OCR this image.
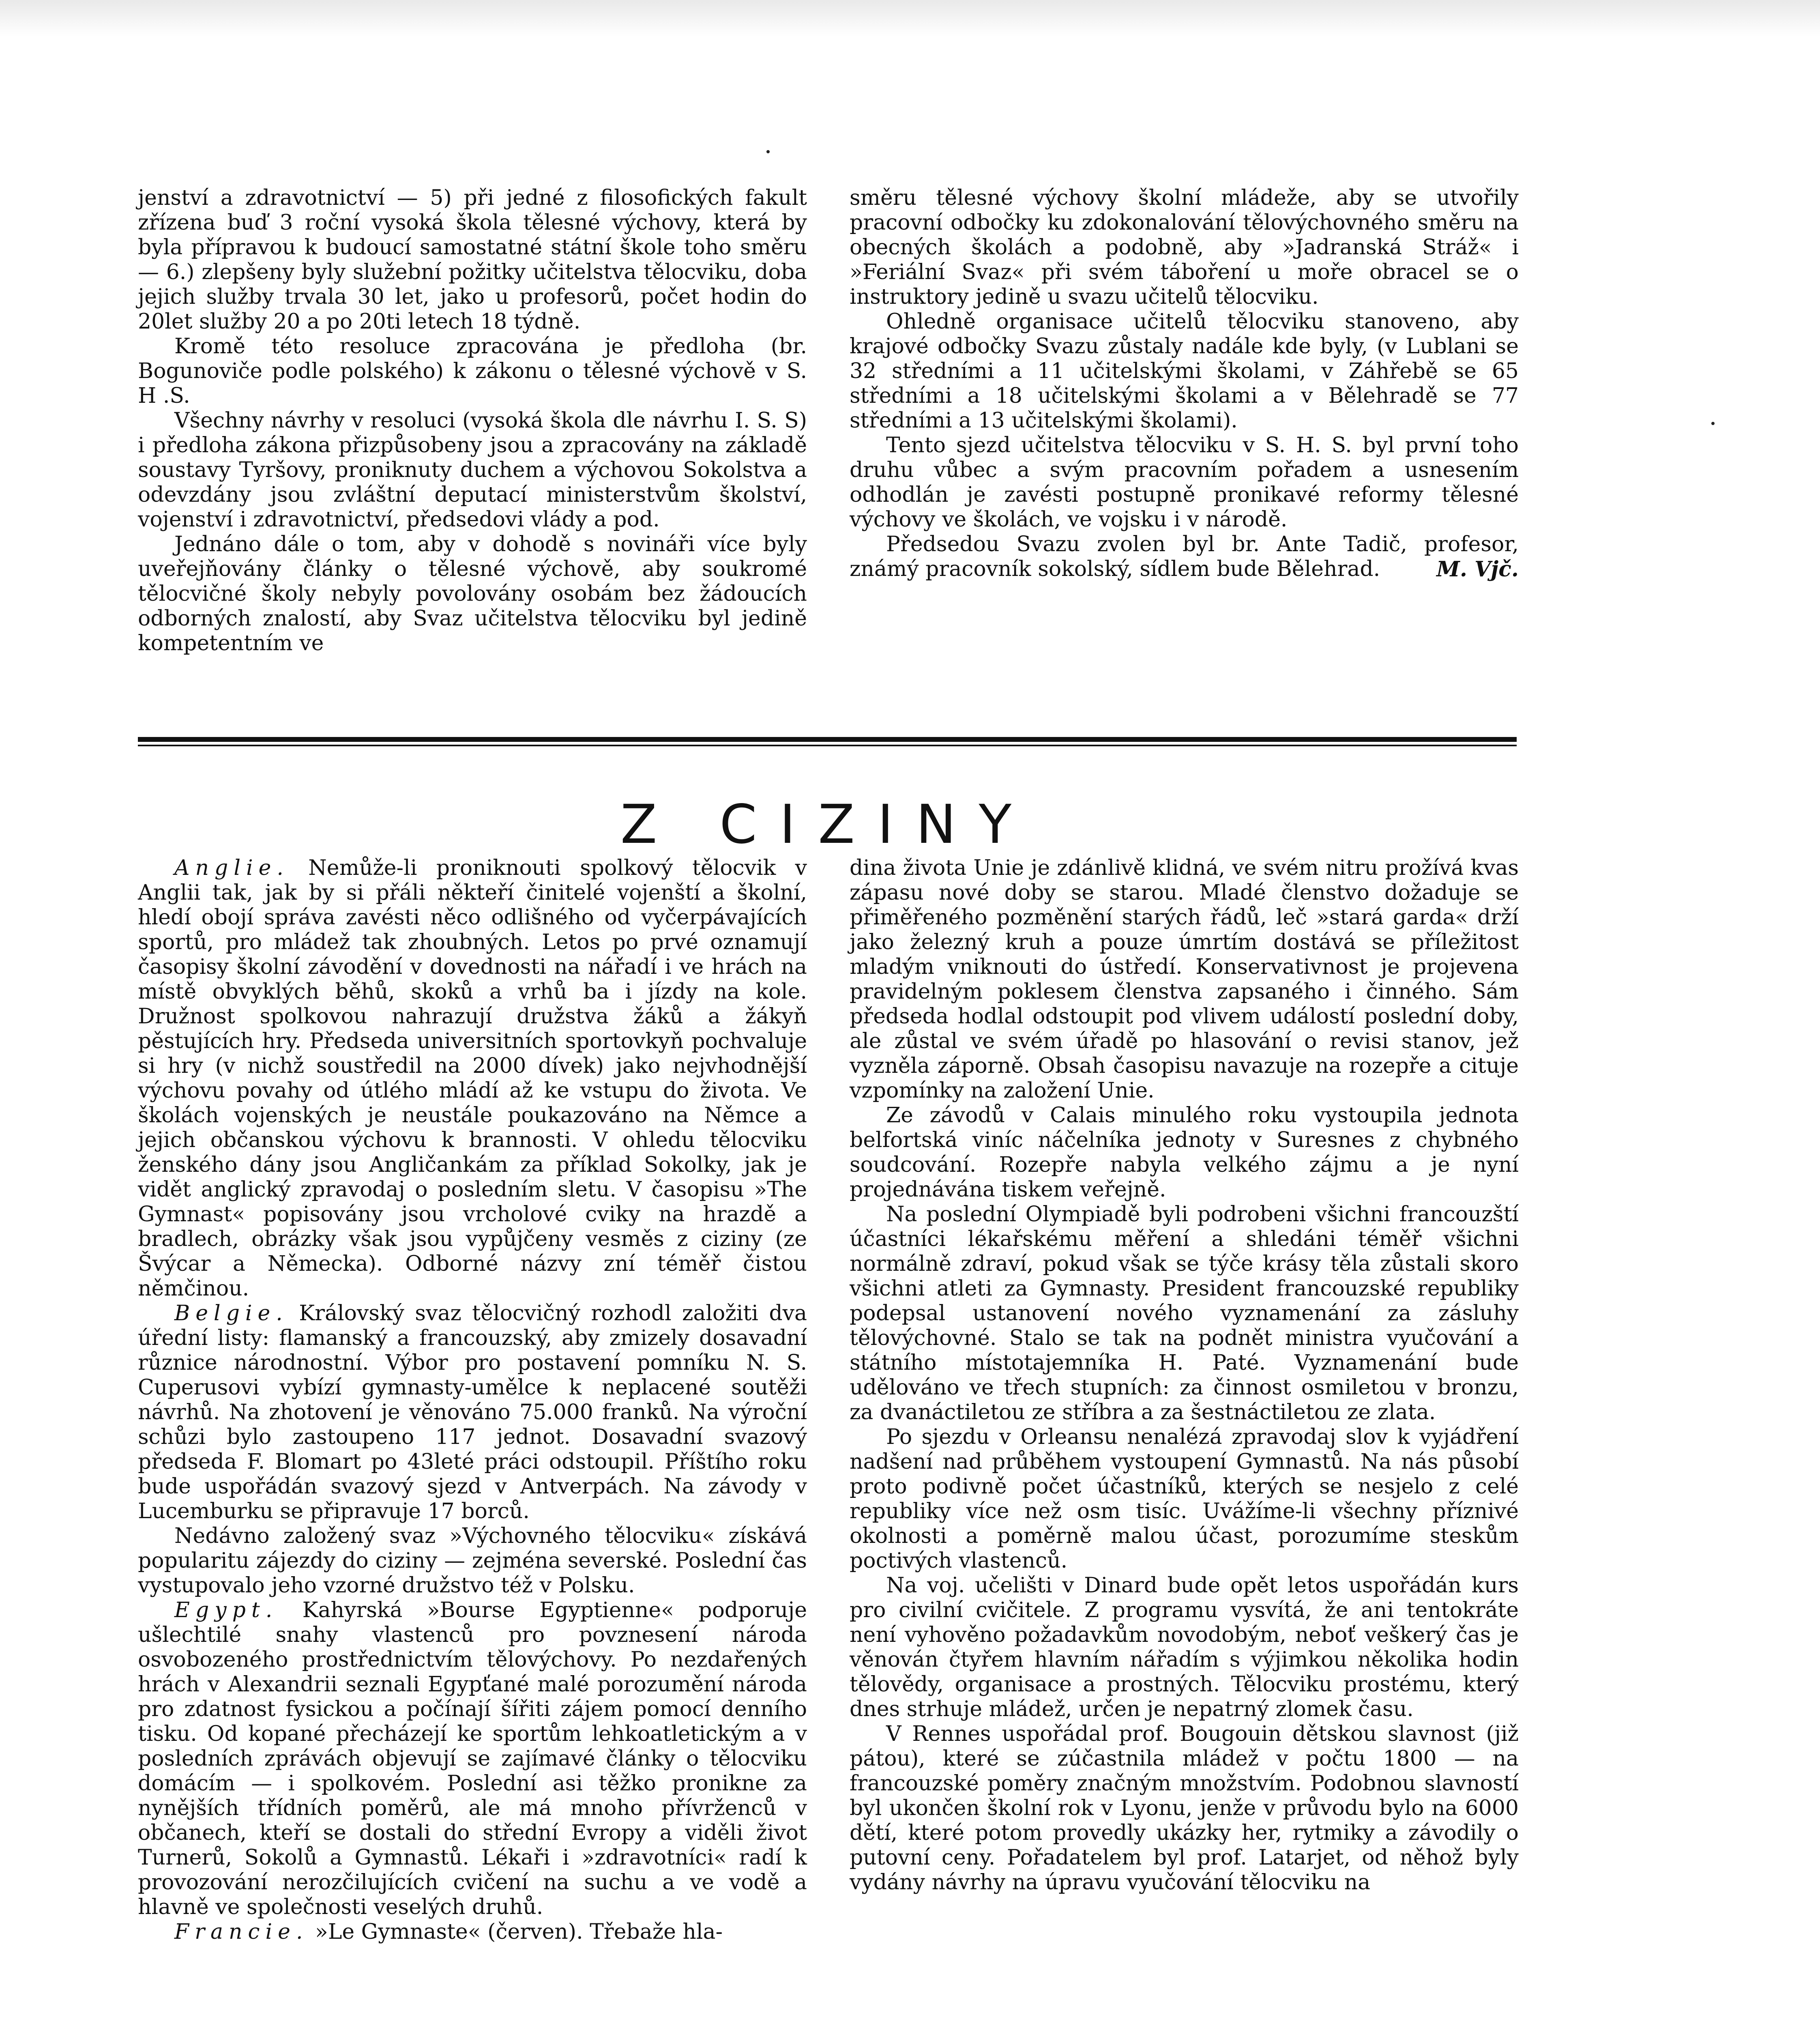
jenství a zdravotnictví — 5) při jedné z filosofických fakult zřízena buď 3 roční vysoká škola tělesné výchovy, která by byla přípravou k budoucí samostatné státní škole toho směru — 6.) zlepšeny byly služební požitky učitelstva tělocviku, doba jejich služby trvala 30 let, jako u profesorů, počet hodin do 20let služby 20 a po 20ti letech 18 týdně.

Kromě této resoluce zpracována je předloha (br. Bogunoviče podle polského) k zákonu o tělesné výchově v S. H .S.

Všechny návrhy v resoluci (vysoká škola dle návrhu I. S. S) i předloha zákona přizpůsobeny jsou a zpracovány na základě soustavy Tyršovy, proniknuty duchem a výchovou Sokolstva a odevzdány jsou zvláštní deputací ministerstvům školství, vojenství i zdravotnictví, předsedovi vlády a pod.

Jednáno dále o tom, aby v dohodě s novináři více byly uveřejňovány články o tělesné výchově, aby soukromé tělocvičné školy nebyly povolovány osobám bez žádoucích odborných znalostí, aby Svaz učitelstva tělocviku byl jedině kompetentním ve

směru tělesné výchovy školní mládeže, aby se utvořily pracovní odbočky ku zdokonalování tělovýchovného směru na obecných školách a podobně, aby »Jadranská Stráž« i »Feriální Svaz« při svém táboření u moře obracel se o instruktory jedině u svazu učitelů tělocviku.

Ohledně organisace učitelů tělocviku stanoveno, aby krajové odbočky Svazu zůstaly nadále kde byly, (v Lublani se 32 středními a 11 učitelskými školami, v Záhřebě se 65 středními a 18 učitelskými školami a v Bělehradě se 77 středními a 13 učitelskými školami).

Tento sjezd učitelstva tělocviku v S. H. S. byl první toho druhu vůbec a svým pracovním pořadem a usnesením odhodlán je zavésti postupně pronikavé reformy tělesné výchovy ve školách, ve vojsku i v národě.

Předsedou Svazu zvolen byl br. Ante Tadič, profesor, známý pracovník sokolský, sídlem bude Bělehrad.	M. Vjč.

Z CIZINY

Anglie. Nemůže-li proniknouti spolkový tělocvik v Anglii tak, jak by si přáli někteří činitelé vojenští a školní, hledí obojí správa zavésti něco odlišného od vyčerpávajících sportů, pro mládež tak zhoubných. Letos po prvé oznamují časopisy školní závodění v dovednosti na nářadí i ve hrách na místě obvyklých běhů, skoků a vrhů ba i jízdy na kole. Družnost spolkovou nahrazují družstva žáků a žákyň pěstujících hry. Předseda universitních sportovkyň pochvaluje si hry (v nichž soustředil na 2000 dívek) jako nejvhodnější výchovu povahy od útlého mládí až ke vstupu do života. Ve školách vojenských je neustále poukazováno na Němce a jejich občanskou výchovu k brannosti. V ohledu tělocviku ženského dány jsou Angličankám za příklad Sokolky, jak je vidět anglický zpravodaj o posledním sletu. V časopisu »The Gymnast« popisovány jsou vrcholové cviky na hrazdě a bradlech, obrázky však jsou vypůjčeny vesměs z ciziny (ze Švýcar a Německa). Odborné názvy zní téměř čistou němčinou.

Belgie. Královský svaz tělocvičný rozhodl založiti dva úřední listy: flamanský a francouzský, aby zmizely dosavadní různice národnostní. Výbor pro postavení pomníku N. S. Cuperusovi vybízí gymnasty-umělce k neplacené soutěži návrhů. Na zhotovení je věnováno 75.000 franků. Na výroční schůzi bylo zastoupeno 117 jednot. Dosavadní svazový předseda F. Blomart po 43leté práci odstoupil. Příštího roku bude uspořádán svazový sjezd v Antverpách. Na závody v Lucemburku se připravuje 17 borců.

Nedávno založený svaz »Výchovného tělocviku« získává popularitu zájezdy do ciziny — zejména severské. Poslední čas vystupovalo jeho vzorné družstvo též v Polsku.

Egypt. Kahyrská »Bourse Egyptienne« podporuje ušlechtilé snahy vlastenců pro povznesení národa osvobozeného prostřednictvím tělovýchovy. Po nezdařených hrách v Alexandrii seznali Egypťané malé porozumění národa pro zdatnost fysickou a počínají šířiti zájem pomocí denního tisku. Od kopané přecházejí ke sportům lehkoatletickým a v posledních zprávách objevují se zajímavé články o tělocviku domácím — i spolkovém. Poslední asi těžko pronikne za nynějších třídních poměrů, ale má mnoho přívrženců v občanech, kteří se dostali do střední Evropy a viděli život Turnerů, Sokolů a Gymnastů. Lékaři i »zdravotníci« radí k provozování nerozčilujících cvičení na suchu a ve vodě a hlavně ve společnosti veselých druhů.

Francie. »Le Gymnaste« (červen). Třebaže hla-

dina života Unie je zdánlivě klidná, ve svém nitru prožívá kvas zápasu nové doby se starou. Mladé členstvo dožaduje se přiměřeného pozměnění starých řádů, leč »stará garda« drží jako železný kruh a pouze úmrtím dostává se příležitost mladým vniknouti do ústředí. Konservativnost je projevena pravidelným poklesem členstva zapsaného i činného. Sám předseda hodlal odstoupit pod vlivem událostí poslední doby, ale zůstal ve svém úřadě po hlasování o revisi stanov, jež vyzněla záporně. Obsah časopisu navazuje na rozepře a cituje vzpomínky na založení Unie.

Ze závodů v Calais minulého roku vystoupila jednota belfortská viníc náčelníka jednoty v Suresnes z chybného soudcování. Rozepře nabyla velkého zájmu a je nyní projednávána tiskem veřejně.

Na poslední Olympiadě byli podrobeni všichni francouzští účastníci lékařskému měření a shledáni téměř všichni normálně zdraví, pokud však se týče krásy těla zůstali skoro všichni atleti za Gymnasty. President francouzské republiky podepsal ustanovení nového vyznamenání za zásluhy tělovýchovné. Stalo se tak na podnět ministra vyučování a státního místotajemníka H. Paté. Vyznamenání bude udělováno ve třech stupních: za činnost osmiletou v bronzu, za dvanáctiletou ze stříbra a za šestnáctiletou ze zlata.

Po sjezdu v Orleansu nenalézá zpravodaj slov k vyjádření nadšení nad průběhem vystoupení Gymnastů. Na nás působí proto podivně počet účastníků, kterých se nesjelo z celé republiky více než osm tisíc. Uvážíme-li všechny příznivé okolnosti a poměrně malou účast, porozumíme steskům poctivých vlastenců.

Na voj. učelišti v Dinard bude opět letos uspořádán kurs pro civilní cvičitele. Z programu vysvítá, že ani tentokráte není vyhověno požadavkům novodobým, neboť veškerý čas je věnován čtyřem hlavním nářadím s výjimkou několika hodin tělovědy, organisace a prostných. Tělocviku prostému, který dnes strhuje mládež, určen je nepatrný zlomek času.

V Rennes uspořádal prof. Bougouin dětskou slavnost (již pátou), které se zúčastnila mládež v počtu 1800 — na francouzské poměry značným množstvím. Podobnou slavností byl ukončen školní rok v Lyonu, jenže v průvodu bylo na 6000 dětí, které potom provedly ukázky her, rytmiky a závodily o putovní ceny. Pořadatelem byl prof. Latarjet, od něhož byly vydány návrhy na úpravu vyučování tělocviku na
